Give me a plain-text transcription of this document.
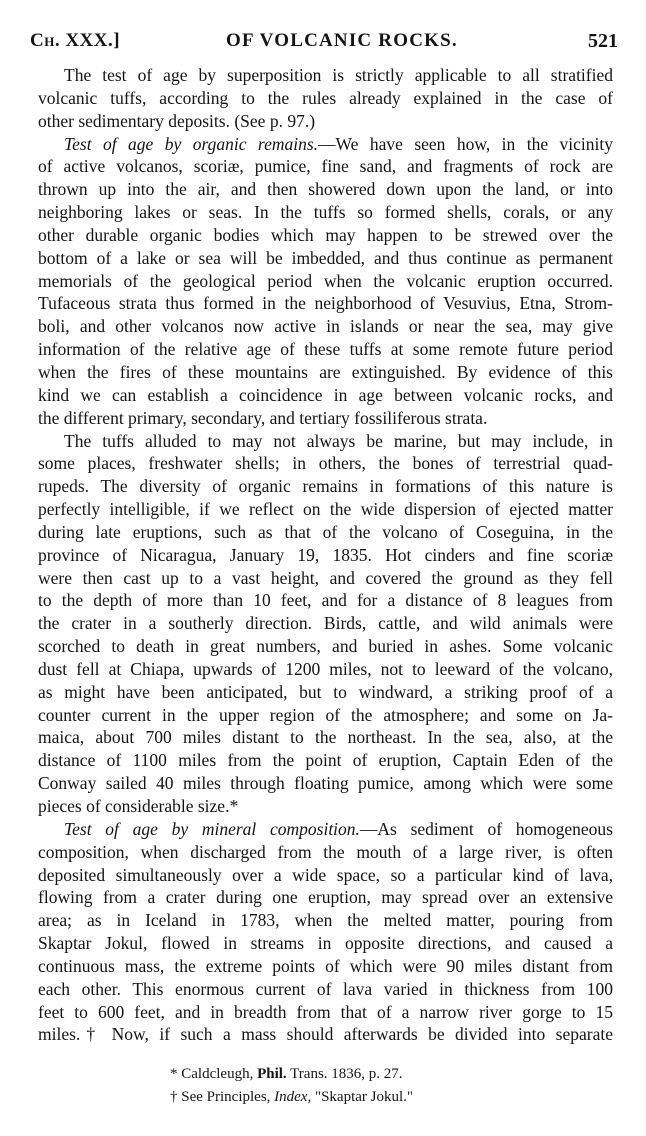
Ch. XXX.]	OF VOLCANIC ROCKS.	521
The test of age by superposition is strictly applicable to all stratified
volcanic tuffs, according to the rules already explained in the case of
other sedimentary deposits. (See p. 97.)
Test of age by organic remains.—We have seen how, in the vicinity
of active volcanos, scoriæ, pumice, fine sand, and fragments of rock are
thrown up into the air, and then showered down upon the land, or into
neighboring lakes or seas. In the tuffs so formed shells, corals, or any
other durable organic bodies which may happen to be strewed over the
bottom of a lake or sea will be imbedded, and thus continue as permanent
memorials of the geological period when the volcanic eruption occurred.
Tufaceous strata thus formed in the neighborhood of Vesuvius, Etna, Strom-
boli, and other volcanos now active in islands or near the sea, may give
information of the relative age of these tuffs at some remote future period
when the fires of these mountains are extinguished. By evidence of this
kind we can establish a coincidence in age between volcanic rocks, and
the different primary, secondary, and tertiary fossiliferous strata.
The tuffs alluded to may not always be marine, but may include, in
some places, freshwater shells; in others, the bones of terrestrial quad-
rupeds. The diversity of organic remains in formations of this nature is
perfectly intelligible, if we reflect on the wide dispersion of ejected matter
during late eruptions, such as that of the volcano of Coseguina, in the
province of Nicaragua, January 19, 1835. Hot cinders and fine scoriæ
were then cast up to a vast height, and covered the ground as they fell
to the depth of more than 10 feet, and for a distance of 8 leagues from
the crater in a southerly direction. Birds, cattle, and wild animals were
scorched to death in great numbers, and buried in ashes. Some volcanic
dust fell at Chiapa, upwards of 1200 miles, not to leeward of the volcano,
as might have been anticipated, but to windward, a striking proof of a
counter current in the upper region of the atmosphere; and some on Ja-
maica, about 700 miles distant to the northeast. In the sea, also, at the
distance of 1100 miles from the point of eruption, Captain Eden of the
Conway sailed 40 miles through floating pumice, among which were some
pieces of considerable size.*
Test of age by mineral composition.—As sediment of homogeneous
composition, when discharged from the mouth of a large river, is often
deposited simultaneously over a wide space, so a particular kind of lava,
flowing from a crater during one eruption, may spread over an extensive
area; as in Iceland in 1783, when the melted matter, pouring from
Skaptar Jokul, flowed in streams in opposite directions, and caused a
continuous mass, the extreme points of which were 90 miles distant from
each other. This enormous current of lava varied in thickness from 100
feet to 600 feet, and in breadth from that of a narrow river gorge to 15
miles.† Now, if such a mass should afterwards be divided into separate
* Caldcleugh, Phil. Trans. 1836, p. 27.
† See Principles, Index, "Skaptar Jokul."
